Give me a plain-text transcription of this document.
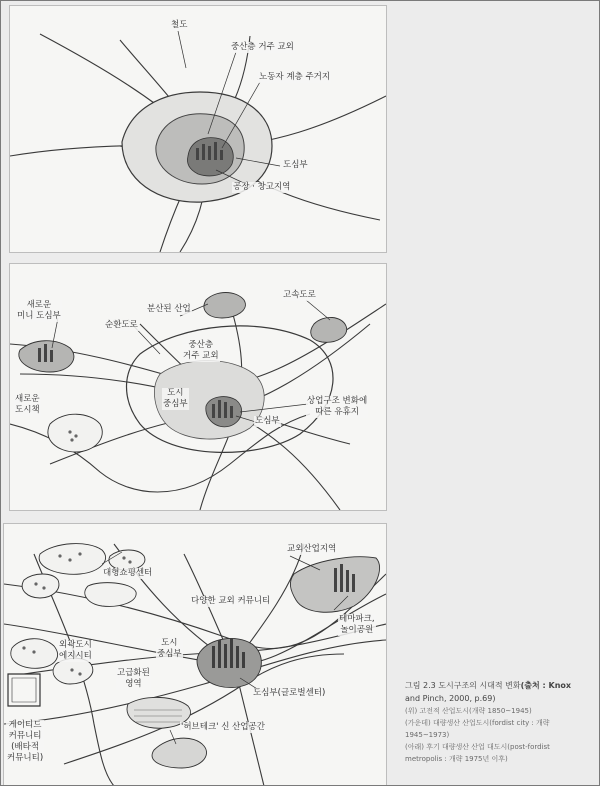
철도
중산층 거주 교외
노동자 계층 주거지
도심부
공장 · 창고지역
새로운
미니 도심부
순환도로
분산된 산업
고속도로
중산층
거주 교외
도시
중심부
새로운
도시책
상업구조 변화에
따른 유휴지
도심부
대형쇼핑센터
교외산업지역
다양한 교외 커뮤니티
외곽도시
에지시티
도시
중심부
테마파크,
놀이공원
고급화된
영역
도심부(글로벌센터)
게이티드
커뮤니티
(배타적
커뮤니티)
'허브테크' 신 산업공간
그림 2.3 도시구조의 시대적 변화(출처 : Knox
and Pinch, 2000, p.69)
(위) 고전적 산업도시(개략 1850~1945)
(가운데) 대량생산 산업도시(fordist city : 개략
1945~1973)
(아래) 후기 대량생산 산업 대도시(post-fordist
metropolis : 개략 1975년 이후)
